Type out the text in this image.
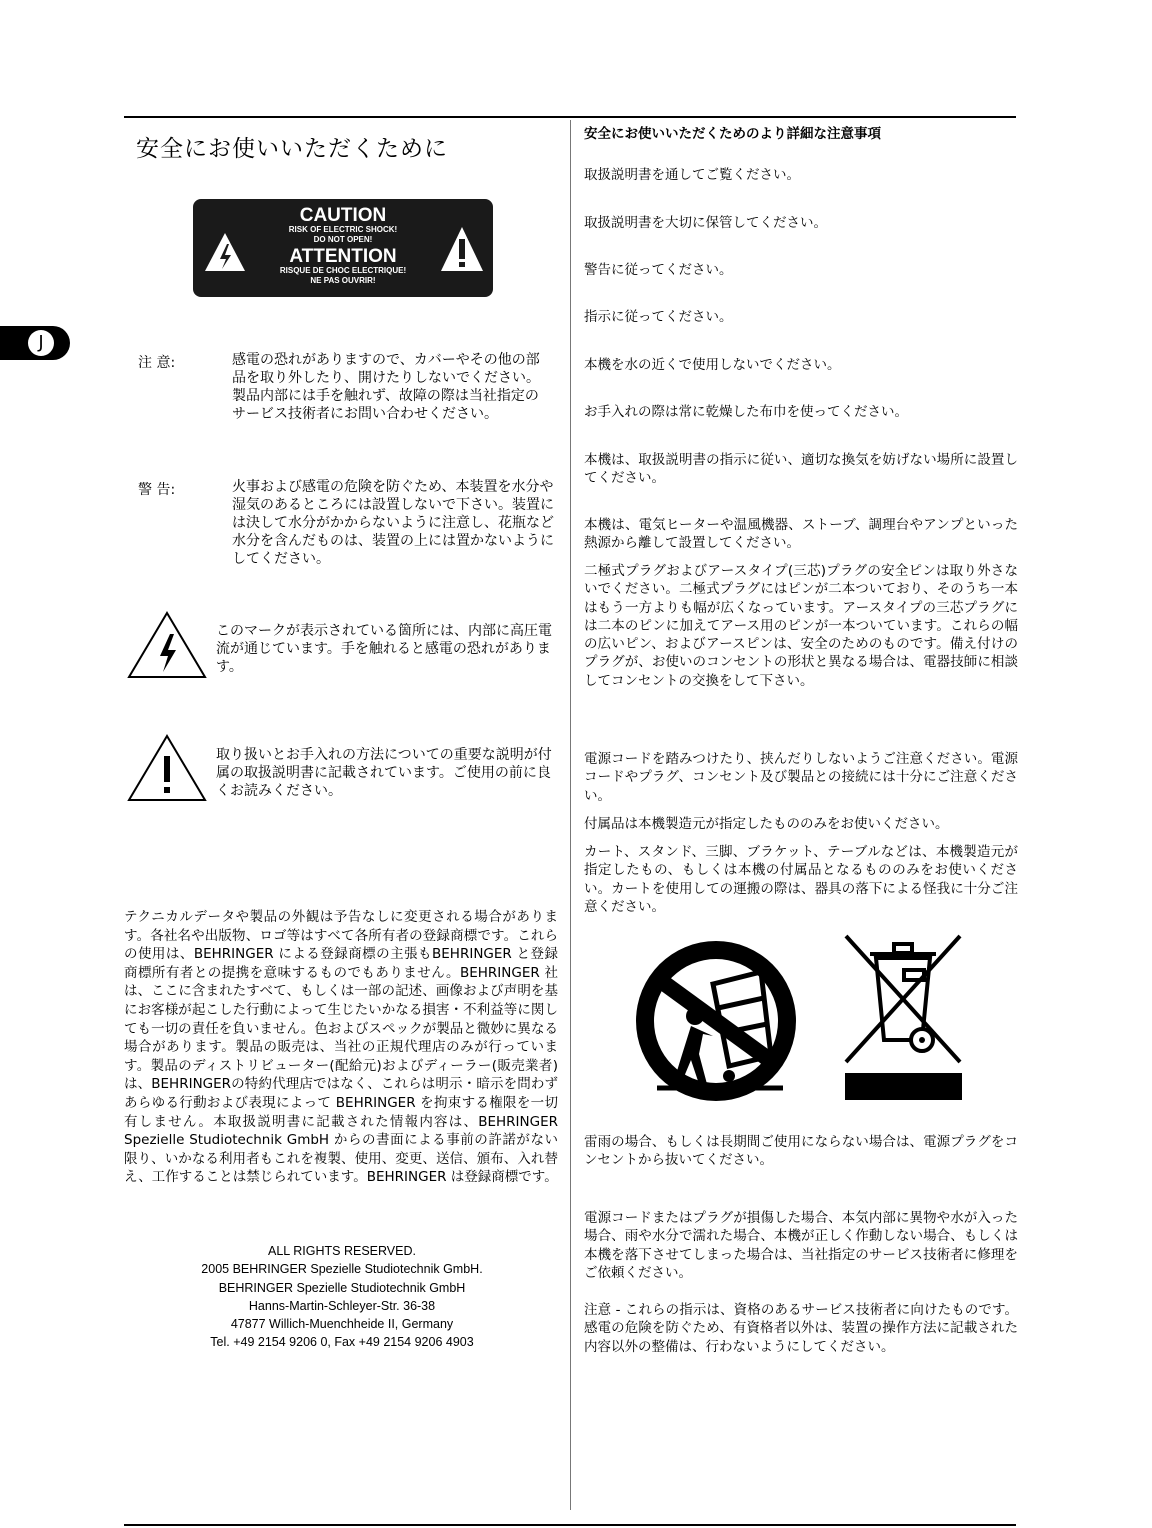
J
安全にお使いいただくために
CAUTION
RISK OF ELECTRIC SHOCK!
DO NOT OPEN!
ATTENTION
RISQUE DE CHOC ELECTRIQUE!
NE PAS OUVRIR!
注 意:	感電の恐れがありますので、カバーやその他の部品を取り外したり、開けたりしないでください。製品内部には手を触れず、故障の際は当社指定のサービス技術者にお問い合わせください。
警 告:	火事および感電の危険を防ぐため、本装置を水分や湿気のあるところには設置しないで下さい。装置には決して水分がかからないように注意し、花瓶など水分を含んだものは、装置の上には置かないようにしてください。
このマークが表示されている箇所には、内部に高圧電流が通じています。手を触れると感電の恐れがあります。
取り扱いとお手入れの方法についての重要な説明が付属の取扱説明書に記載されています。ご使用の前に良くお読みください。
テクニカルデータや製品の外観は予告なしに変更される場合があります。各社名や出版物、ロゴ等はすべて各所有者の登録商標です。これらの使用は、BEHRINGER による登録商標の主張もBEHRINGER と登録商標所有者との提携を意味するものでもありません。BEHRINGER 社は、ここに含まれたすべて、もしくは一部の記述、画像および声明を基にお客様が起こした行動によって生じたいかなる損害・不利益等に関しても一切の責任を負いません。色およびスペックが製品と微妙に異なる場合があります。製品の販売は、当社の正規代理店のみが行っています。製品のディストリビューター(配給元)およびディーラー(販売業者)は、BEHRINGERの特約代理店ではなく、これらは明示・暗示を問わずあらゆる行動および表現によって BEHRINGER を拘束する権限を一切有しません。本取扱説明書に記載された情報内容は、BEHRINGER Spezielle Studiotechnik GmbH からの書面による事前の許諾がない限り、いかなる利用者もこれを複製、使用、変更、送信、頒布、入れ替え、工作することは禁じられています。BEHRINGER は登録商標です。
ALL RIGHTS RESERVED.
2005 BEHRINGER Spezielle Studiotechnik GmbH.
BEHRINGER Spezielle Studiotechnik GmbH
Hanns-Martin-Schleyer-Str. 36-38
47877 Willich-Muenchheide II, Germany
Tel. +49 2154 9206 0, Fax +49 2154 9206 4903
安全にお使いいただくためのより詳細な注意事項
取扱説明書を通してご覧ください。
取扱説明書を大切に保管してください。
警告に従ってください。
指示に従ってください。
本機を水の近くで使用しないでください。
お手入れの際は常に乾燥した布巾を使ってください。
本機は、取扱説明書の指示に従い、適切な換気を妨げない場所に設置してください。
本機は、電気ヒーターや温風機器、ストーブ、調理台やアンプといった熱源から離して設置してください。
二極式プラグおよびアースタイプ(三芯)プラグの安全ピンは取り外さないでください。二極式プラグにはピンが二本ついており、そのうち一本はもう一方よりも幅が広くなっています。アースタイプの三芯プラグには二本のピンに加えてアース用のピンが一本ついています。これらの幅の広いピン、およびアースピンは、安全のためのものです。備え付けのプラグが、お使いのコンセントの形状と異なる場合は、電器技師に相談してコンセントの交換をして下さい。
電源コードを踏みつけたり、挟んだりしないようご注意ください。電源コードやプラグ、コンセント及び製品との接続には十分にご注意ください。
付属品は本機製造元が指定したもののみをお使いください。
カート、スタンド、三脚、ブラケット、テーブルなどは、本機製造元が指定したもの、もしくは本機の付属品となるもののみをお使いください。カートを使用しての運搬の際は、器具の落下による怪我に十分ご注意ください。
雷雨の場合、もしくは長期間ご使用にならない場合は、電源プラグをコンセントから抜いてください。
電源コードまたはプラグが損傷した場合、本気内部に異物や水が入った場合、雨や水分で濡れた場合、本機が正しく作動しない場合、もしくは本機を落下させてしまった場合は、当社指定のサービス技術者に修理をご依頼ください。
注意 - これらの指示は、資格のあるサービス技術者に向けたものです。感電の危険を防ぐため、有資格者以外は、装置の操作方法に記載された内容以外の整備は、行わないようにしてください。
